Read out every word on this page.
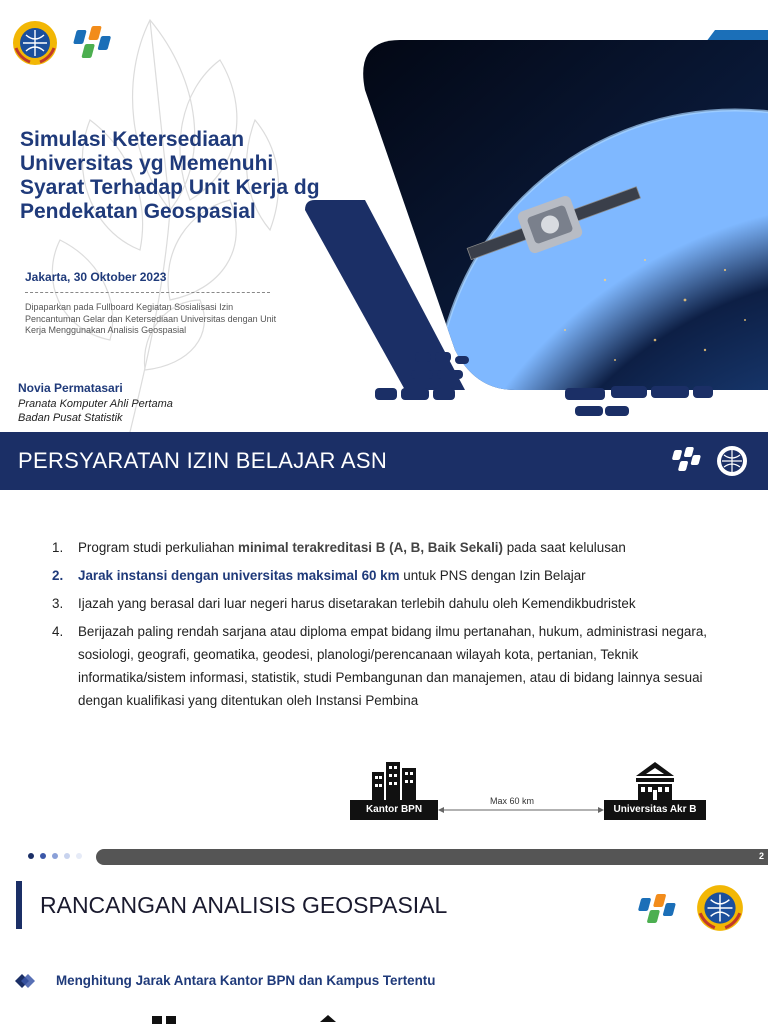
Simulasi Ketersediaan Universitas yg Memenuhi Syarat Terhadap Unit Kerja dg Pendekatan Geospasial
Jakarta, 30 Oktober 2023
Dipaparkan pada Fullboard Kegiatan Sosialisasi Izin Pencantuman Gelar dan Ketersediaan Universitas dengan Unit Kerja Menggunakan Analisis Geospasial
Novia Permatasari
Pranata Komputer Ahli Pertama
Badan Pusat Statistik
PERSYARATAN IZIN BELAJAR ASN
1.	Program studi perkuliahan minimal terakreditasi B (A, B, Baik Sekali) pada saat kelulusan
2.	Jarak instansi dengan universitas maksimal 60 km untuk PNS dengan Izin Belajar
3.	Ijazah yang berasal dari luar negeri harus disetarakan terlebih dahulu oleh Kemendikbudristek
4.	Berijazah paling rendah sarjana atau diploma empat bidang ilmu pertanahan, hukum, administrasi negara, sosiologi, geografi, geomatika, geodesi, planologi/perencanaan wilayah kota, pertanian, Teknik informatika/sistem informasi, statistik, studi Pembangunan dan manajemen, atau di bidang lainnya sesuai dengan kualifikasi yang ditentukan oleh Instansi Pembina
Kantor BPN	Universitas Akr B
Max 60 km
2
RANCANGAN ANALISIS GEOSPASIAL
Menghitung Jarak Antara Kantor BPN dan Kampus Tertentu
